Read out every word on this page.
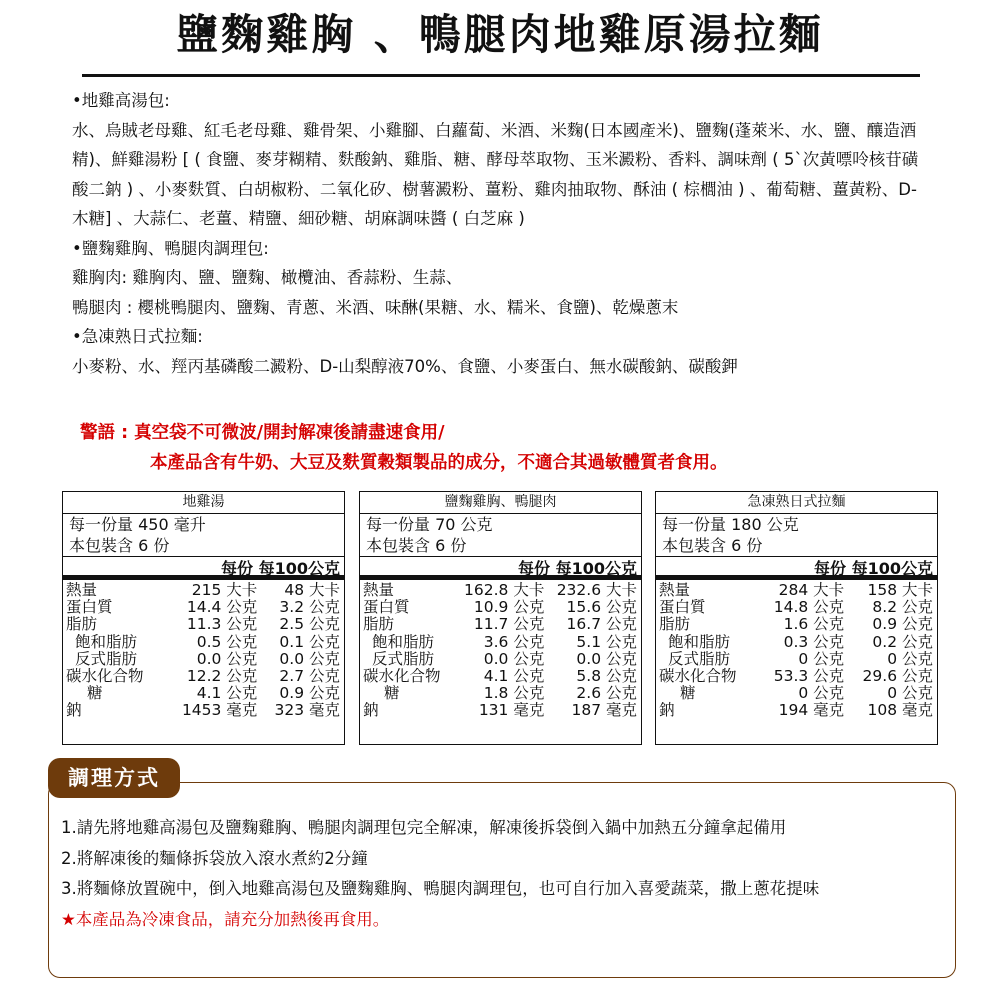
鹽麴雞胸 、鴨腿肉地雞原湯拉麵
•地雞高湯包:
水、烏賊老母雞、紅毛老母雞、雞骨架、小雞腳、白蘿蔔、米酒、米麴(日本國產米)、鹽麴(蓬萊米、水、鹽、釀造酒精)、鮮雞湯粉 [ ( 食鹽、麥芽糊精、麩酸鈉、雞脂、糖、酵母萃取物、玉米澱粉、香料、調味劑 ( 5`次黃嘌呤核苷磺酸二鈉 ) 、小麥麩質、白胡椒粉、二氧化矽、樹薯澱粉、薑粉、雞肉抽取物、酥油 ( 棕櫚油 ) 、葡萄糖、薑黃粉、D-木糖] 、大蒜仁、老薑、精鹽、細砂糖、胡麻調味醬 ( 白芝麻 )
•鹽麴雞胸、鴨腿肉調理包:
雞胸肉: 雞胸肉、鹽、鹽麴、橄欖油、香蒜粉、生蒜、
鴨腿肉 : 櫻桃鴨腿肉、鹽麴、青蔥、米酒、味醂(果糖、水、糯米、食鹽)、乾燥蔥末
•急凍熟日式拉麵:
小麥粉、水、羥丙基磷酸二澱粉、D-山梨醇液70%、食鹽、小麥蛋白、無水碳酸鈉、碳酸鉀
警語 : 真空袋不可微波/開封解凍後請盡速食用/
本產品含有牛奶、大豆及麩質穀類製品的成分，不適合其過敏體質者食用。
地雞湯
每一份量 450 毫升
本包裝含 6 份
每份 每100公克
熱量	215 大卡	48 大卡
蛋白質	14.4 公克	3.2 公克
脂肪	11.3 公克	2.5 公克
飽和脂肪	0.5 公克	0.1 公克
反式脂肪	0.0 公克	0.0 公克
碳水化合物	12.2 公克	2.7 公克
糖	4.1 公克	0.9 公克
鈉	1453 毫克	323 毫克
鹽麴雞胸、鴨腿肉
每一份量 70 公克
本包裝含 6 份
每份 每100公克
熱量	162.8 大卡	232.6 大卡
蛋白質	10.9 公克	15.6 公克
脂肪	11.7 公克	16.7 公克
飽和脂肪	3.6 公克	5.1 公克
反式脂肪	0.0 公克	0.0 公克
碳水化合物	4.1 公克	5.8 公克
糖	1.8 公克	2.6 公克
鈉	131 毫克	187 毫克
急凍熟日式拉麵
每一份量 180 公克
本包裝含 6 份
每份 每100公克
熱量	284 大卡	158 大卡
蛋白質	14.8 公克	8.2 公克
脂肪	1.6 公克	0.9 公克
飽和脂肪	0.3 公克	0.2 公克
反式脂肪	0 公克	0 公克
碳水化合物	53.3 公克	29.6 公克
糖	0 公克	0 公克
鈉	194 毫克	108 毫克
調理方式
1.請先將地雞高湯包及鹽麴雞胸、鴨腿肉調理包完全解凍，解凍後拆袋倒入鍋中加熱五分鐘拿起備用
2.將解凍後的麵條拆袋放入滾水煮約2分鐘
3.將麵條放置碗中，倒入地雞高湯包及鹽麴雞胸、鴨腿肉調理包，也可自行加入喜愛蔬菜，撒上蔥花提味
★本產品為冷凍食品，請充分加熱後再食用。
